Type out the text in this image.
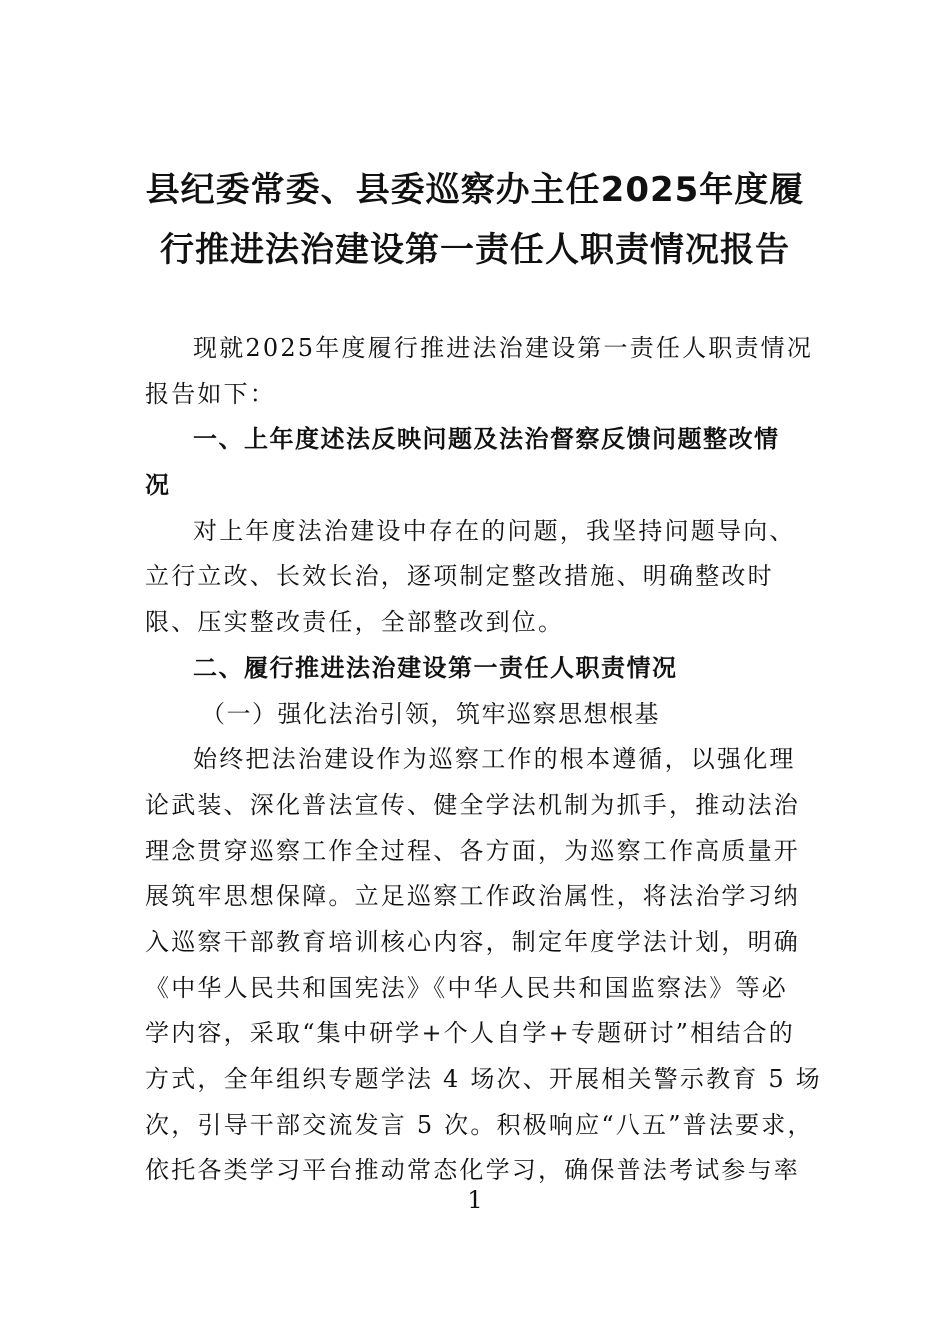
县纪委常委、县委巡察办主任2025年度履
行推进法治建设第一责任人职责情况报告
现就2025年度履行推进法治建设第一责任人职责情况
报告如下：
一、上年度述法反映问题及法治督察反馈问题整改情
况
对上年度法治建设中存在的问题，我坚持问题导向、
立行立改、长效长治，逐项制定整改措施、明确整改时
限、压实整改责任，全部整改到位。
二、履行推进法治建设第一责任人职责情况
（一）强化法治引领，筑牢巡察思想根基
始终把法治建设作为巡察工作的根本遵循，以强化理
论武装、深化普法宣传、健全学法机制为抓手，推动法治
理念贯穿巡察工作全过程、各方面，为巡察工作高质量开
展筑牢思想保障。立足巡察工作政治属性，将法治学习纳
入巡察干部教育培训核心内容，制定年度学法计划，明确
《中华人民共和国宪法》《中华人民共和国监察法》等必
学内容，采取“集中研学+个人自学+专题研讨”相结合的
方式，全年组织专题学法 4 场次、开展相关警示教育 5 场
次，引导干部交流发言 5 次。积极响应“八五”普法要求，
依托各类学习平台推动常态化学习，确保普法考试参与率
1
